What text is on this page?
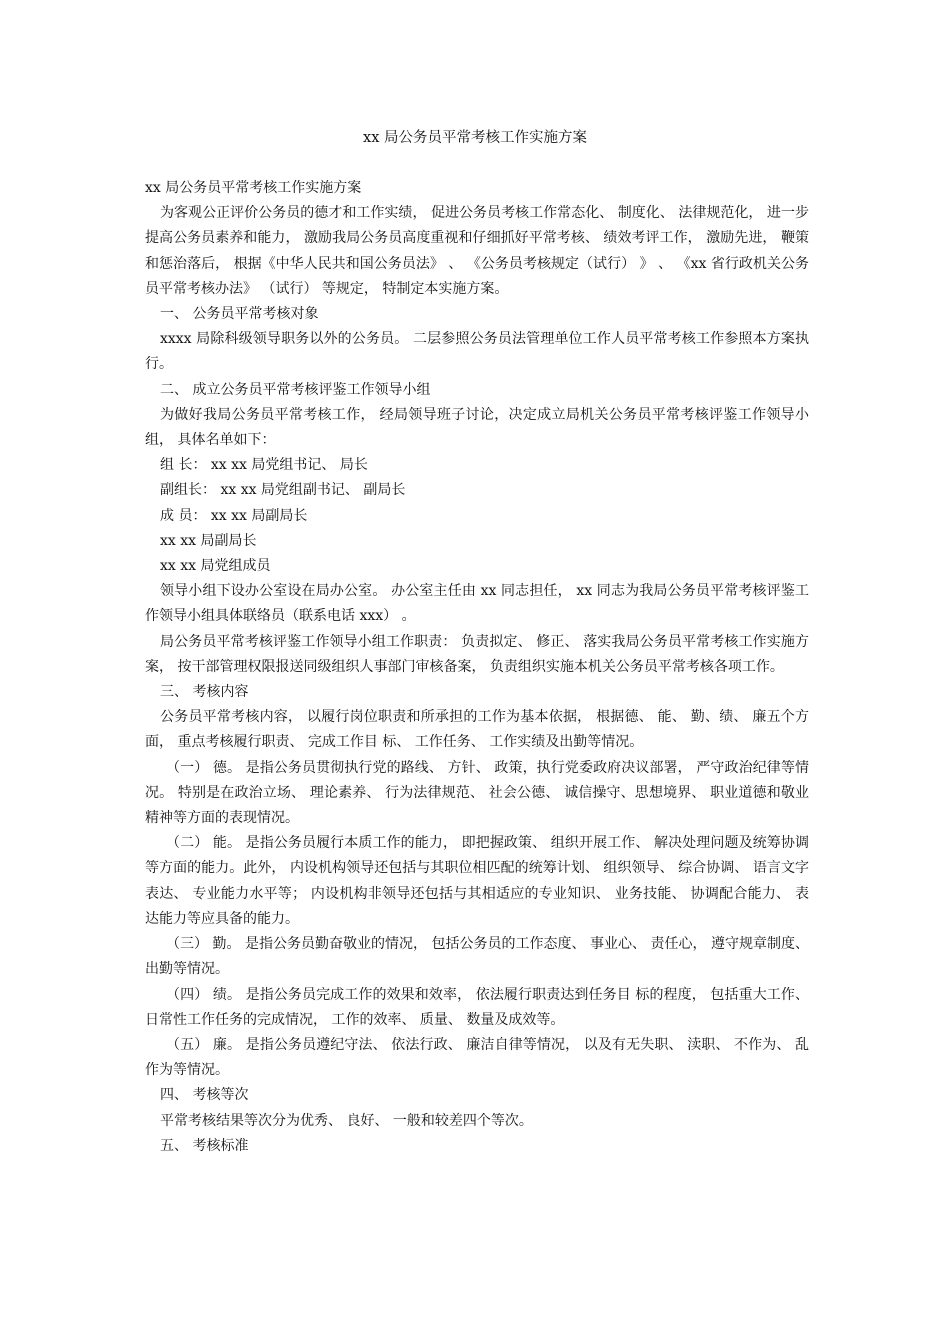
xx 局公务员平常考核工作实施方案

xx 局公务员平常考核工作实施方案

为客观公正评价公务员的德才和工作实绩， 促进公务员考核工作常态化、 制度化、 法律规范化， 进一步提高公务员素养和能力， 激励我局公务员高度重视和仔细抓好平常考核、 绩效考评工作， 激励先进， 鞭策和惩治落后， 根据《中华人民共和国公务员法》 、 《公务员考核规定（试行） 》 、 《xx 省行政机关公务员平常考核办法》 （试行） 等规定， 特制定本实施方案。

一、 公务员平常考核对象

xxxx 局除科级领导职务以外的公务员。 二层参照公务员法管理单位工作人员平常考核工作参照本方案执行。

二、 成立公务员平常考核评鉴工作领导小组

为做好我局公务员平常考核工作， 经局领导班子讨论，决定成立局机关公务员平常考核评鉴工作领导小组， 具体名单如下：

组 长： xx xx 局党组书记、 局长

副组长： xx xx 局党组副书记、 副局长

成 员： xx xx 局副局长

xx xx 局副局长

xx xx 局党组成员

领导小组下设办公室设在局办公室。 办公室主任由 xx 同志担任， xx 同志为我局公务员平常考核评鉴工作领导小组具体联络员（联系电话 xxx） 。

局公务员平常考核评鉴工作领导小组工作职责： 负责拟定、 修正、 落实我局公务员平常考核工作实施方案， 按干部管理权限报送同级组织人事部门审核备案， 负责组织实施本机关公务员平常考核各项工作。

三、 考核内容

公务员平常考核内容， 以履行岗位职责和所承担的工作为基本依据， 根据德、 能、 勤、绩、 廉五个方面， 重点考核履行职责、 完成工作目 标、 工作任务、 工作实绩及出勤等情况。

（一） 德。 是指公务员贯彻执行党的路线、 方针、 政策，执行党委政府决议部署， 严守政治纪律等情况。 特别是在政治立场、 理论素养、 行为法律规范、 社会公德、 诚信操守、思想境界、 职业道德和敬业精神等方面的表现情况。

（二） 能。 是指公务员履行本质工作的能力， 即把握政策、 组织开展工作、 解决处理问题及统筹协调等方面的能力。此外， 内设机构领导还包括与其职位相匹配的统筹计划、 组织领导、 综合协调、 语言文字表达、 专业能力水平等； 内设机构非领导还包括与其相适应的专业知识、 业务技能、 协调配合能力、 表达能力等应具备的能力。

（三） 勤。 是指公务员勤奋敬业的情况， 包括公务员的工作态度、 事业心、 责任心， 遵守规章制度、 出勤等情况。

（四） 绩。 是指公务员完成工作的效果和效率， 依法履行职责达到任务目 标的程度， 包括重大工作、 日常性工作任务的完成情况， 工作的效率、 质量、 数量及成效等。

（五） 廉。 是指公务员遵纪守法、 依法行政、 廉洁自律等情况， 以及有无失职、 渎职、 不作为、 乱作为等情况。

四、 考核等次

平常考核结果等次分为优秀、 良好、 一般和较差四个等次。

五、 考核标准
